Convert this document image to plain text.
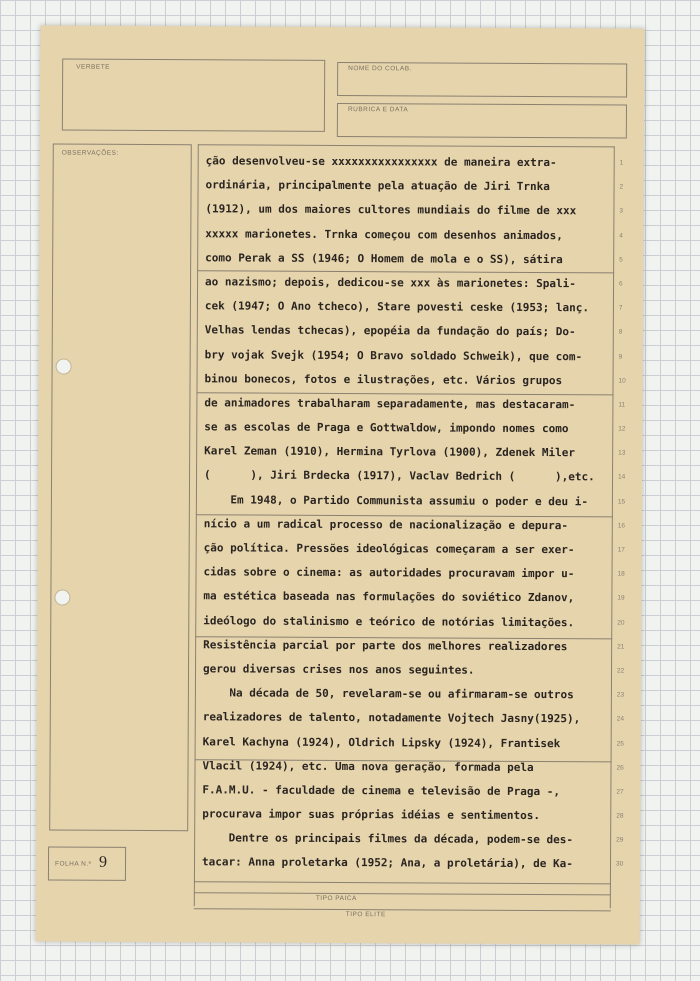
VERBETE	NOME DO COLAB.
RUBRICA E DATA
OBSERVAÇÕES:
FOLHA N.º 9
TIPO PAICA
TIPO ELITE
ção desenvolveu-se xxxxxxxxxxxxxxxx de maneira extra-
ordinária, principalmente pela atuação de Jiri Trnka
(1912), um dos maiores cultores mundiais do filme de xxx
xxxxx marionetes. Trnka começou com desenhos animados,
como Perak a SS (1946; O Homem de mola e o SS), sátira
ao nazismo; depois, dedicou-se xxx às marionetes: Spali-
cek (1947; O Ano tcheco), Stare povesti ceske (1953; lanç.
Velhas lendas tchecas), epopéia da fundação do país; Do-
bry vojak Svejk (1954; O Bravo soldado Schweik), que com-
binou bonecos, fotos e ilustrações, etc. Vários grupos
de animadores trabalharam separadamente, mas destacaram-
se as escolas de Praga e Gottwaldow, impondo nomes como
Karel Zeman (1910), Hermina Tyrlova (1900), Zdenek Miler
(      ), Jiri Brdecka (1917), Vaclav Bedrich (      ),etc.
Em 1948, o Partido Communista assumiu o poder e deu i-
nício a um radical processo de nacionalização e depura-
ção política. Pressões ideológicas começaram a ser exer-
cidas sobre o cinema: as autoridades procuravam impor u-
ma estética baseada nas formulações do soviético Zdanov,
ideólogo do stalinismo e teórico de notórias limitações.
Resistência parcial por parte dos melhores realizadores
gerou diversas crises nos anos seguintes.
Na década de 50, revelaram-se ou afirmaram-se outros
realizadores de talento, notadamente Vojtech Jasny(1925),
Karel Kachyna (1924), Oldrich Lipsky (1924), Frantisek
Vlacil (1924), etc. Uma nova geração, formada pela
F.A.M.U. - faculdade de cinema e televisão de Praga -,
procurava impor suas próprias idéias e sentimentos.
Dentre os principais filmes da década, podem-se des-
tacar: Anna proletarka (1952; Ana, a proletária), de Ka-
1
2
3
4
5
6
7
8
9
10
11
12
13
14
15
16
17
18
19
20
21
22
23
24
25
26
27
28
29
30
